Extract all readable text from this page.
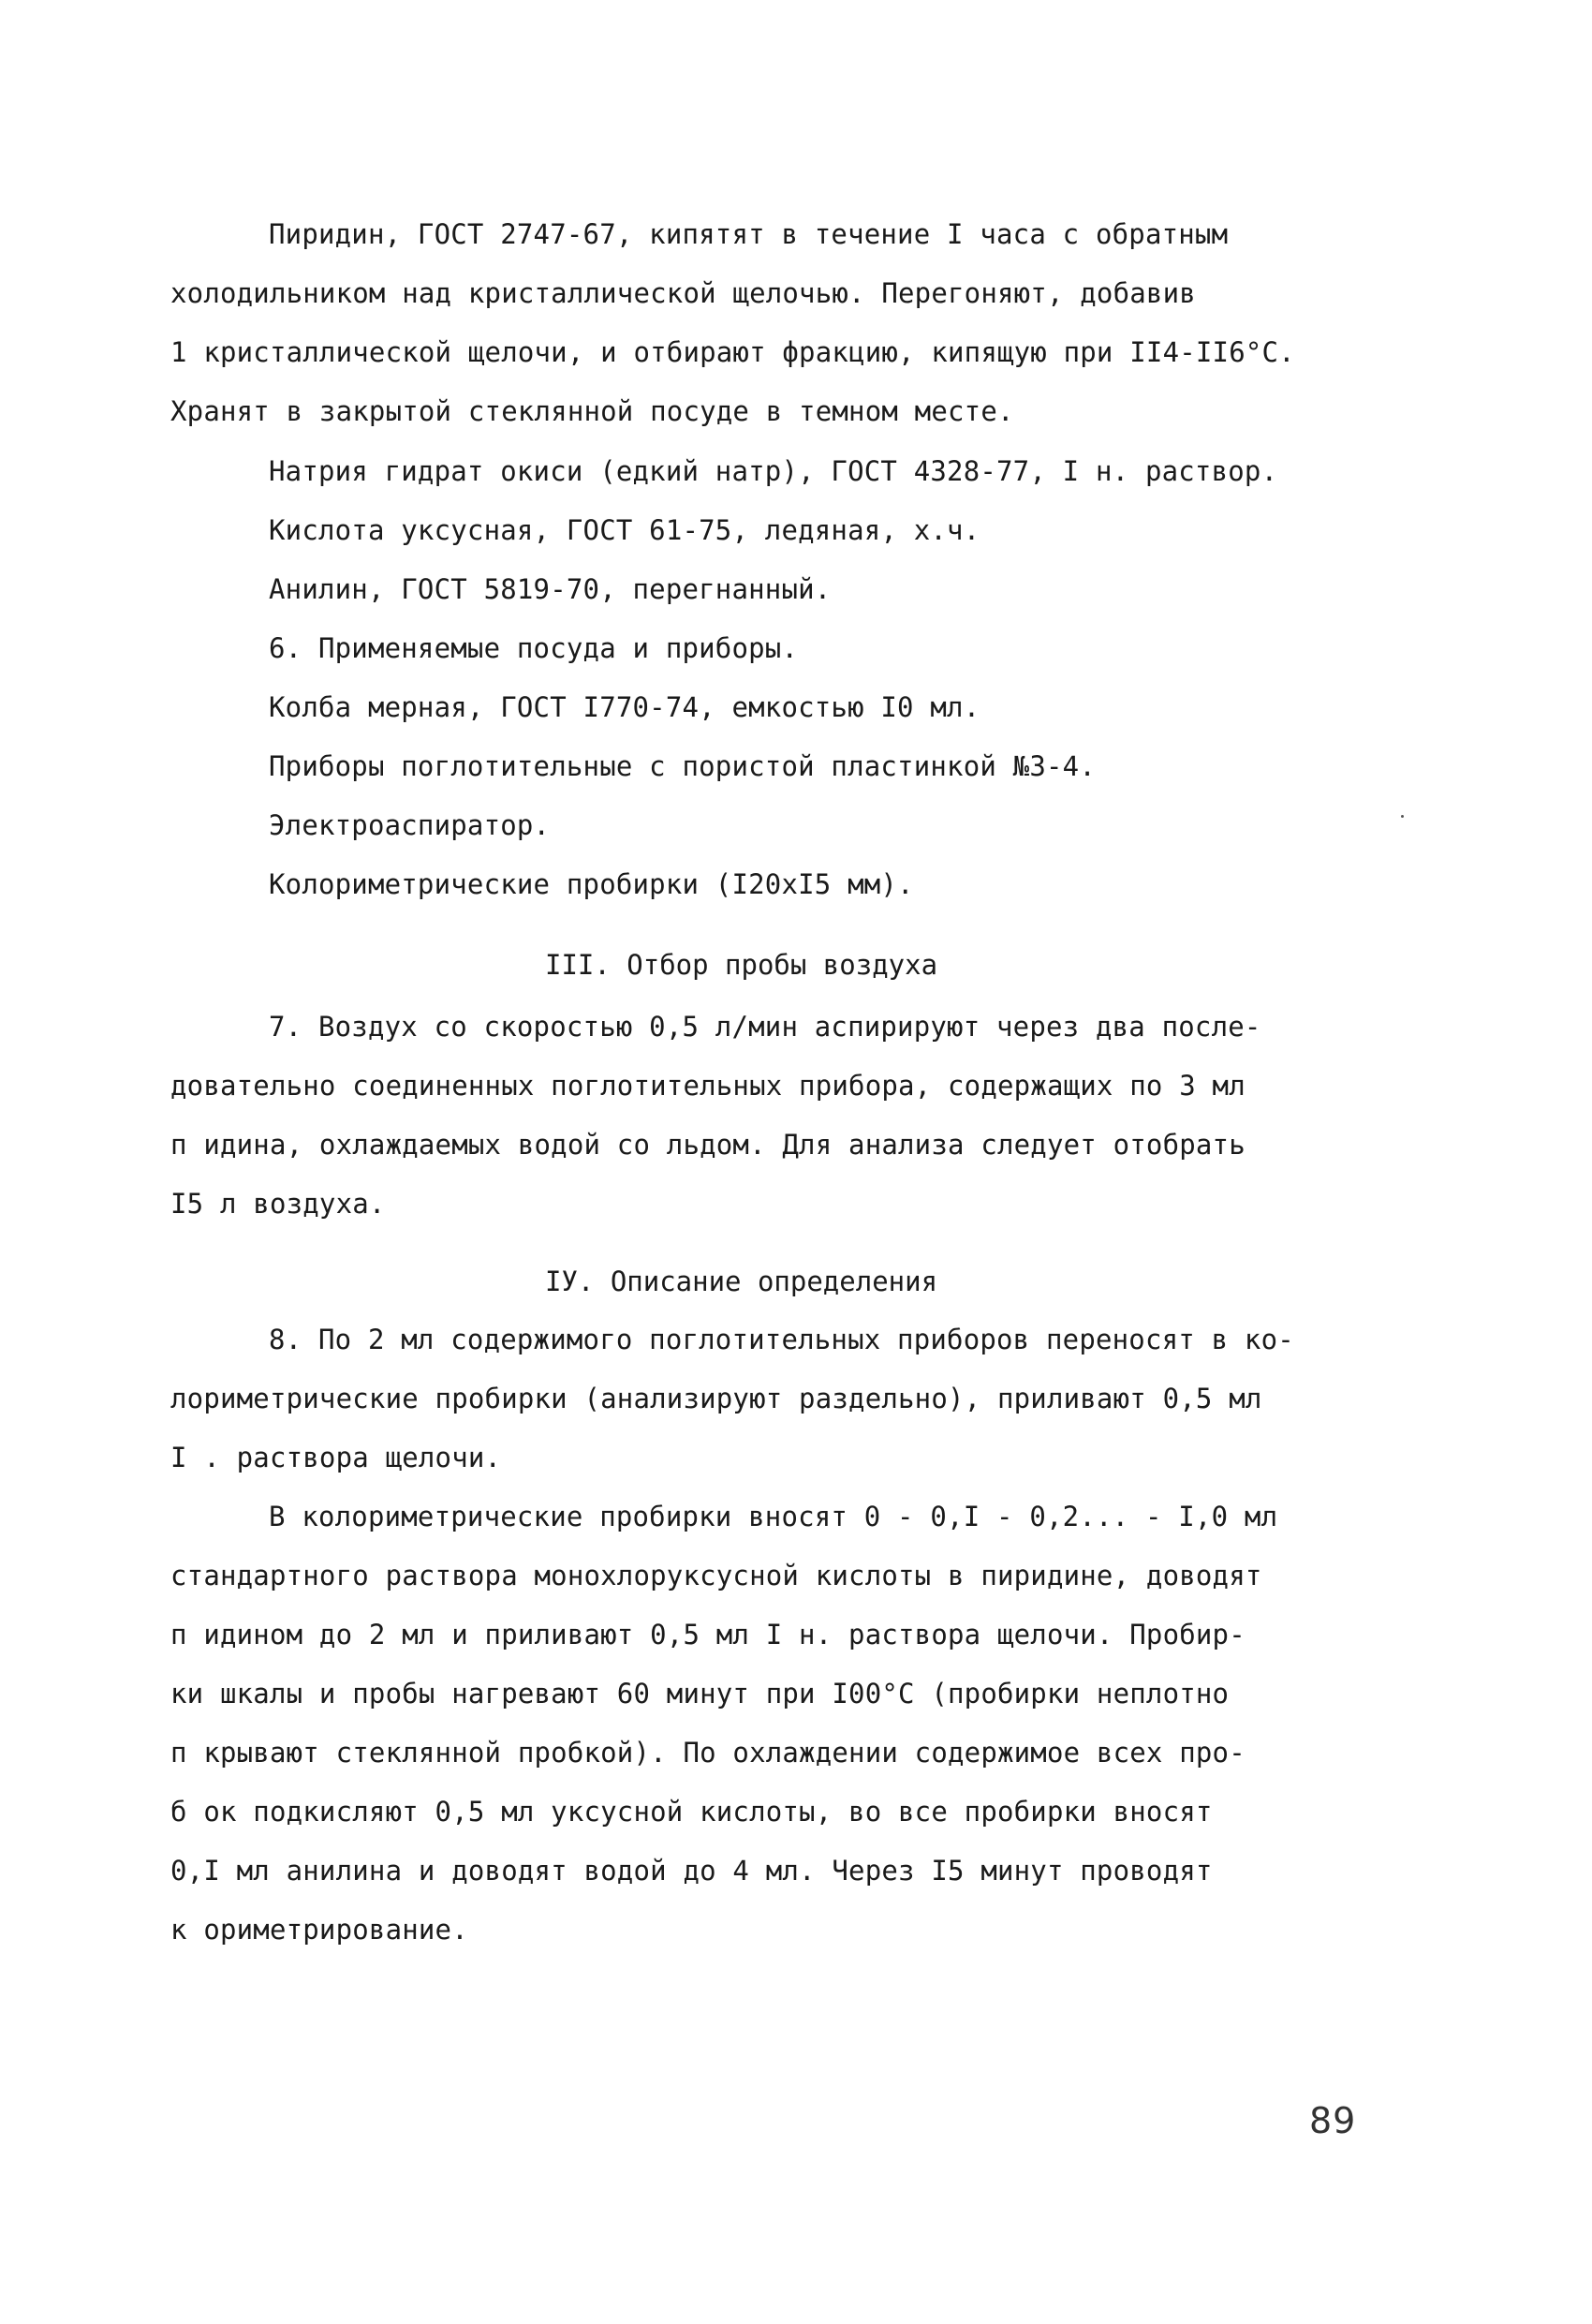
Пиридин, ГОСТ 2747-67, кипятят в течение I часа с обратным
холодильником над кристаллической щелочью. Перегоняют, добавив
1 кристаллической щелочи, и отбирают фракцию, кипящую при II4-II6°С.
Хранят в закрытой стеклянной посуде в темном месте.
Натрия гидрат окиси (едкий натр), ГОСТ 4328-77, I н. раствор.
Кислота уксусная, ГОСТ 61-75, ледяная, х.ч.
Анилин, ГОСТ 5819-70, перегнанный.
6. Применяемые посуда и приборы.
Колба мерная, ГОСТ I770-74, емкостью I0 мл.
Приборы поглотительные с пористой пластинкой №3-4.
Электроаспиратор.
Колориметрические пробирки (I20xI5 мм).
III. Отбор пробы воздуха
7. Воздух со скоростью 0,5 л/мин аспирируют через два после-
довательно соединенных поглотительных прибора, содержащих по 3 мл
п идина, охлаждаемых водой со льдом. Для анализа следует отобрать
I5 л воздуха.
IУ. Описание определения
8. По 2 мл содержимого поглотительных приборов переносят в ко-
лориметрические пробирки (анализируют раздельно), приливают 0,5 мл
I . раствора щелочи.
В колориметрические пробирки вносят 0 - 0,I - 0,2... - I,0 мл
стандартного раствора монохлоруксусной кислоты в пиридине, доводят
п идином до 2 мл и приливают 0,5 мл I н. раствора щелочи. Пробир-
ки шкалы и пробы нагревают 60 минут при I00°С (пробирки неплотно
п крывают стеклянной пробкой). По охлаждении содержимое всех про-
б ок подкисляют 0,5 мл уксусной кислоты, во все пробирки вносят
0,I мл анилина и доводят водой до 4 мл. Через I5 минут проводят
к ориметрирование.
89
